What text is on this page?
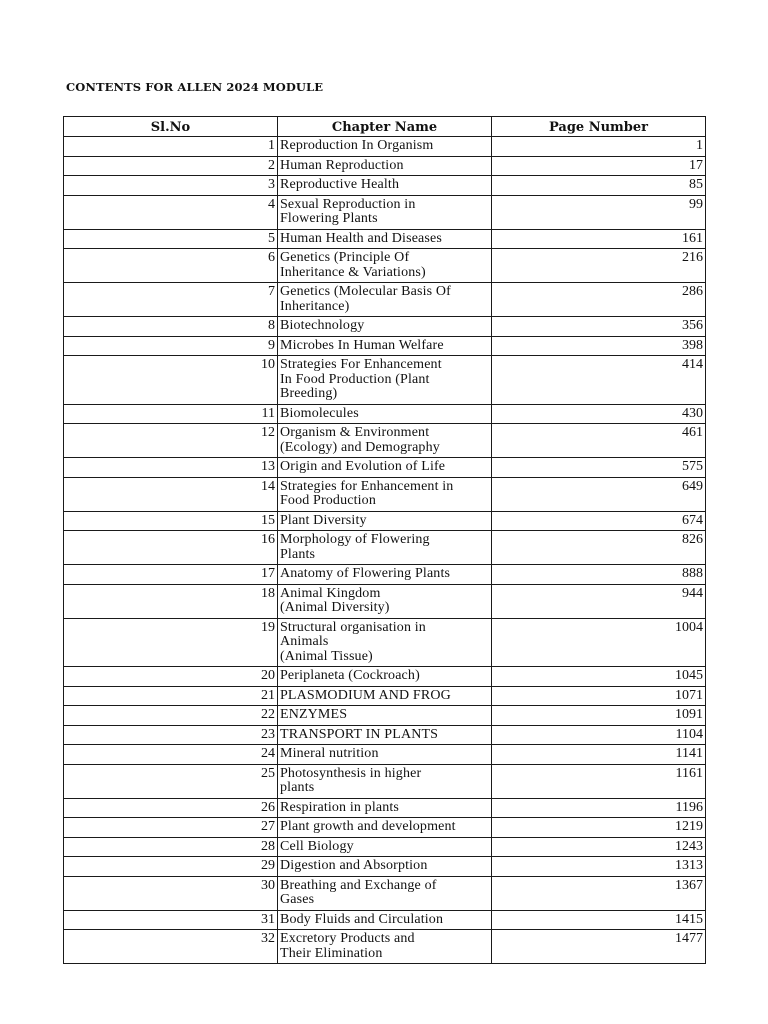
CONTENTS FOR ALLEN 2024 MODULE
Sl.No	Chapter Name	Page Number
1	Reproduction In Organism	1
2	Human Reproduction	17
3	Reproductive Health	85
4	Sexual Reproduction in
Flowering Plants	99
5	Human Health and Diseases	161
6	Genetics (Principle Of
Inheritance & Variations)	216
7	Genetics (Molecular Basis Of
Inheritance)	286
8	Biotechnology	356
9	Microbes In Human Welfare	398
10	Strategies For Enhancement
In Food Production (Plant
Breeding)	414
11	Biomolecules	430
12	Organism & Environment
(Ecology) and Demography	461
13	Origin and Evolution of Life	575
14	Strategies for Enhancement in
Food Production	649
15	Plant Diversity	674
16	Morphology of Flowering
Plants	826
17	Anatomy of Flowering Plants	888
18	Animal Kingdom
(Animal Diversity)	944
19	Structural organisation in
Animals
(Animal Tissue)	1004
20	Periplaneta (Cockroach)	1045
21	PLASMODIUM AND FROG	1071
22	ENZYMES	1091
23	TRANSPORT IN PLANTS	1104
24	Mineral nutrition	1141
25	Photosynthesis in higher
plants	1161
26	Respiration in plants	1196
27	Plant growth and development	1219
28	Cell Biology	1243
29	Digestion and Absorption	1313
30	Breathing and Exchange of
Gases	1367
31	Body Fluids and Circulation	1415
32	Excretory Products and
Their Elimination	1477
